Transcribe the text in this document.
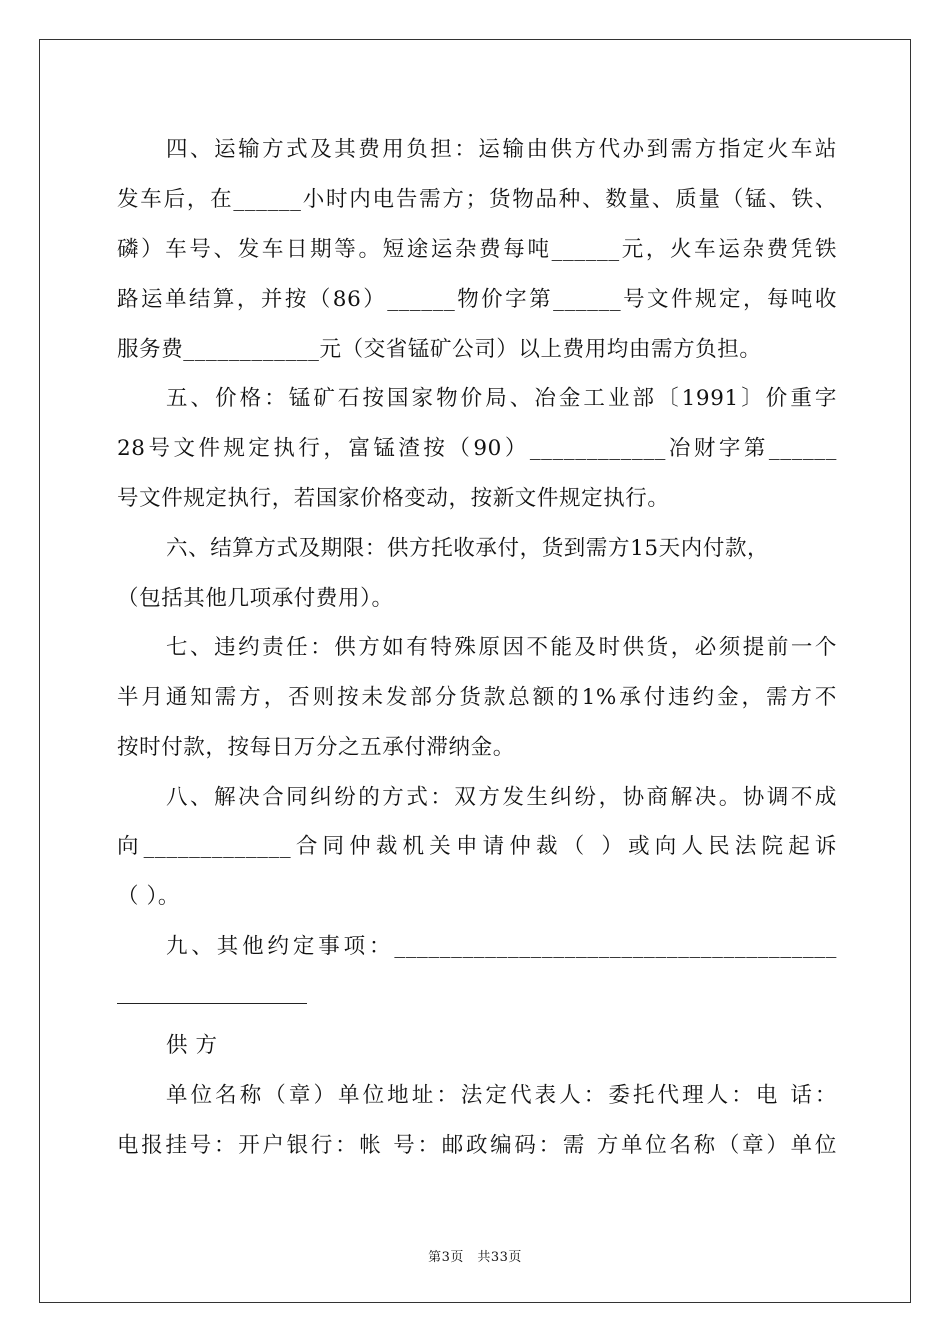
四、运输方式及其费用负担：运输由供方代办到需方指定火车站
发车后，在______小时内电告需方；货物品种、数量、质量（锰、铁、
磷）车号、发车日期等。短途运杂费每吨______元，火车运杂费凭铁
路运单结算，并按（86）______物价字第______号文件规定，每吨收
服务费____________元（交省锰矿公司）以上费用均由需方负担。
五、价格：锰矿石按国家物价局、冶金工业部〔1991〕价重字
28号文件规定执行，富锰渣按（90）____________冶财字第______
号文件规定执行，若国家价格变动，按新文件规定执行。
六、结算方式及期限：供方托收承付，货到需方15天内付款，
（包括其他几项承付费用）。
七、违约责任：供方如有特殊原因不能及时供货，必须提前一个
半月通知需方，否则按未发部分货款总额的1%承付违约金，需方不
按时付款，按每日万分之五承付滞纳金。
八、解决合同纠纷的方式：双方发生纠纷，协商解决。协调不成
向_____________合同仲裁机关申请仲裁（ ）或向人民法院起诉
（ ）。
九、其他约定事项：_______________________________________
供 方
单位名称（章）单位地址：法定代表人：委托代理人：电 话：
电报挂号：开户银行：帐 号：邮政编码：需 方单位名称（章）单位
第3页　共33页
